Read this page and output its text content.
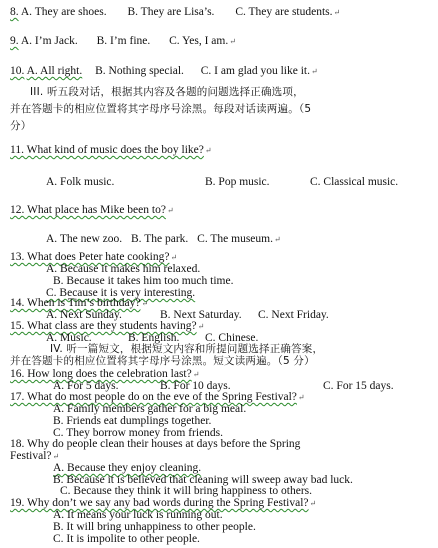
8. A. They are shoes. B. They are Lisa’s. C. They are students.↵
9. A. I’m Jack. B. I’m fine. C. Yes, I am.↵
10. A. All right. B. Nothing special. C. I am glad you like it.↵
III. 听五段对话，根据其内容及各题的问题选择正确选项，
并在答题卡的相应位置将其字母序号涂黑。每段对话读两遍。（5
分）
11. What kind of music does the boy like?↵
A. Folk music.	B. Pop music.	C. Classical music.
12. What place has Mike been to?↵
A. The new zoo. B. The park. C. The museum.↵
13. What does Peter hate cooking?↵
A. Because it makes him relaxed.
B. Because it takes him too much time.
C. Because it is very interesting.
14. When is Tim’s birthday?↵
A. Next Sunday.	B. Next Saturday. C. Next Friday.
15. What class are they students having?↵
A. Music.	B. English. C. Chinese.
IV. 听一篇短文，根据短文内容和所提问题选择正确答案，
并在答题卡的相应位置将其字母序号涂黑。短文读两遍。（5 分）
16. How long does the celebration last?↵
A. For 5 days.	B. For 10 days.	C. For 15 days.
17. What do most people do on the eve of the Spring Festival?↵
A. Family members gather for a big meal.
B. Friends eat dumplings together.
C. They borrow money from friends.
18. Why do people clean their houses at days before the Spring
Festival?↵
A. Because they enjoy cleaning.
B. Because it is believed that cleaning will sweep away bad luck.
C. Because they think it will bring happiness to others.
19. Why don’t we say any bad words during the Spring Festival?↵
A. It means your luck is running out.
B. It will bring unhappiness to other people.
C. It is impolite to other people.
